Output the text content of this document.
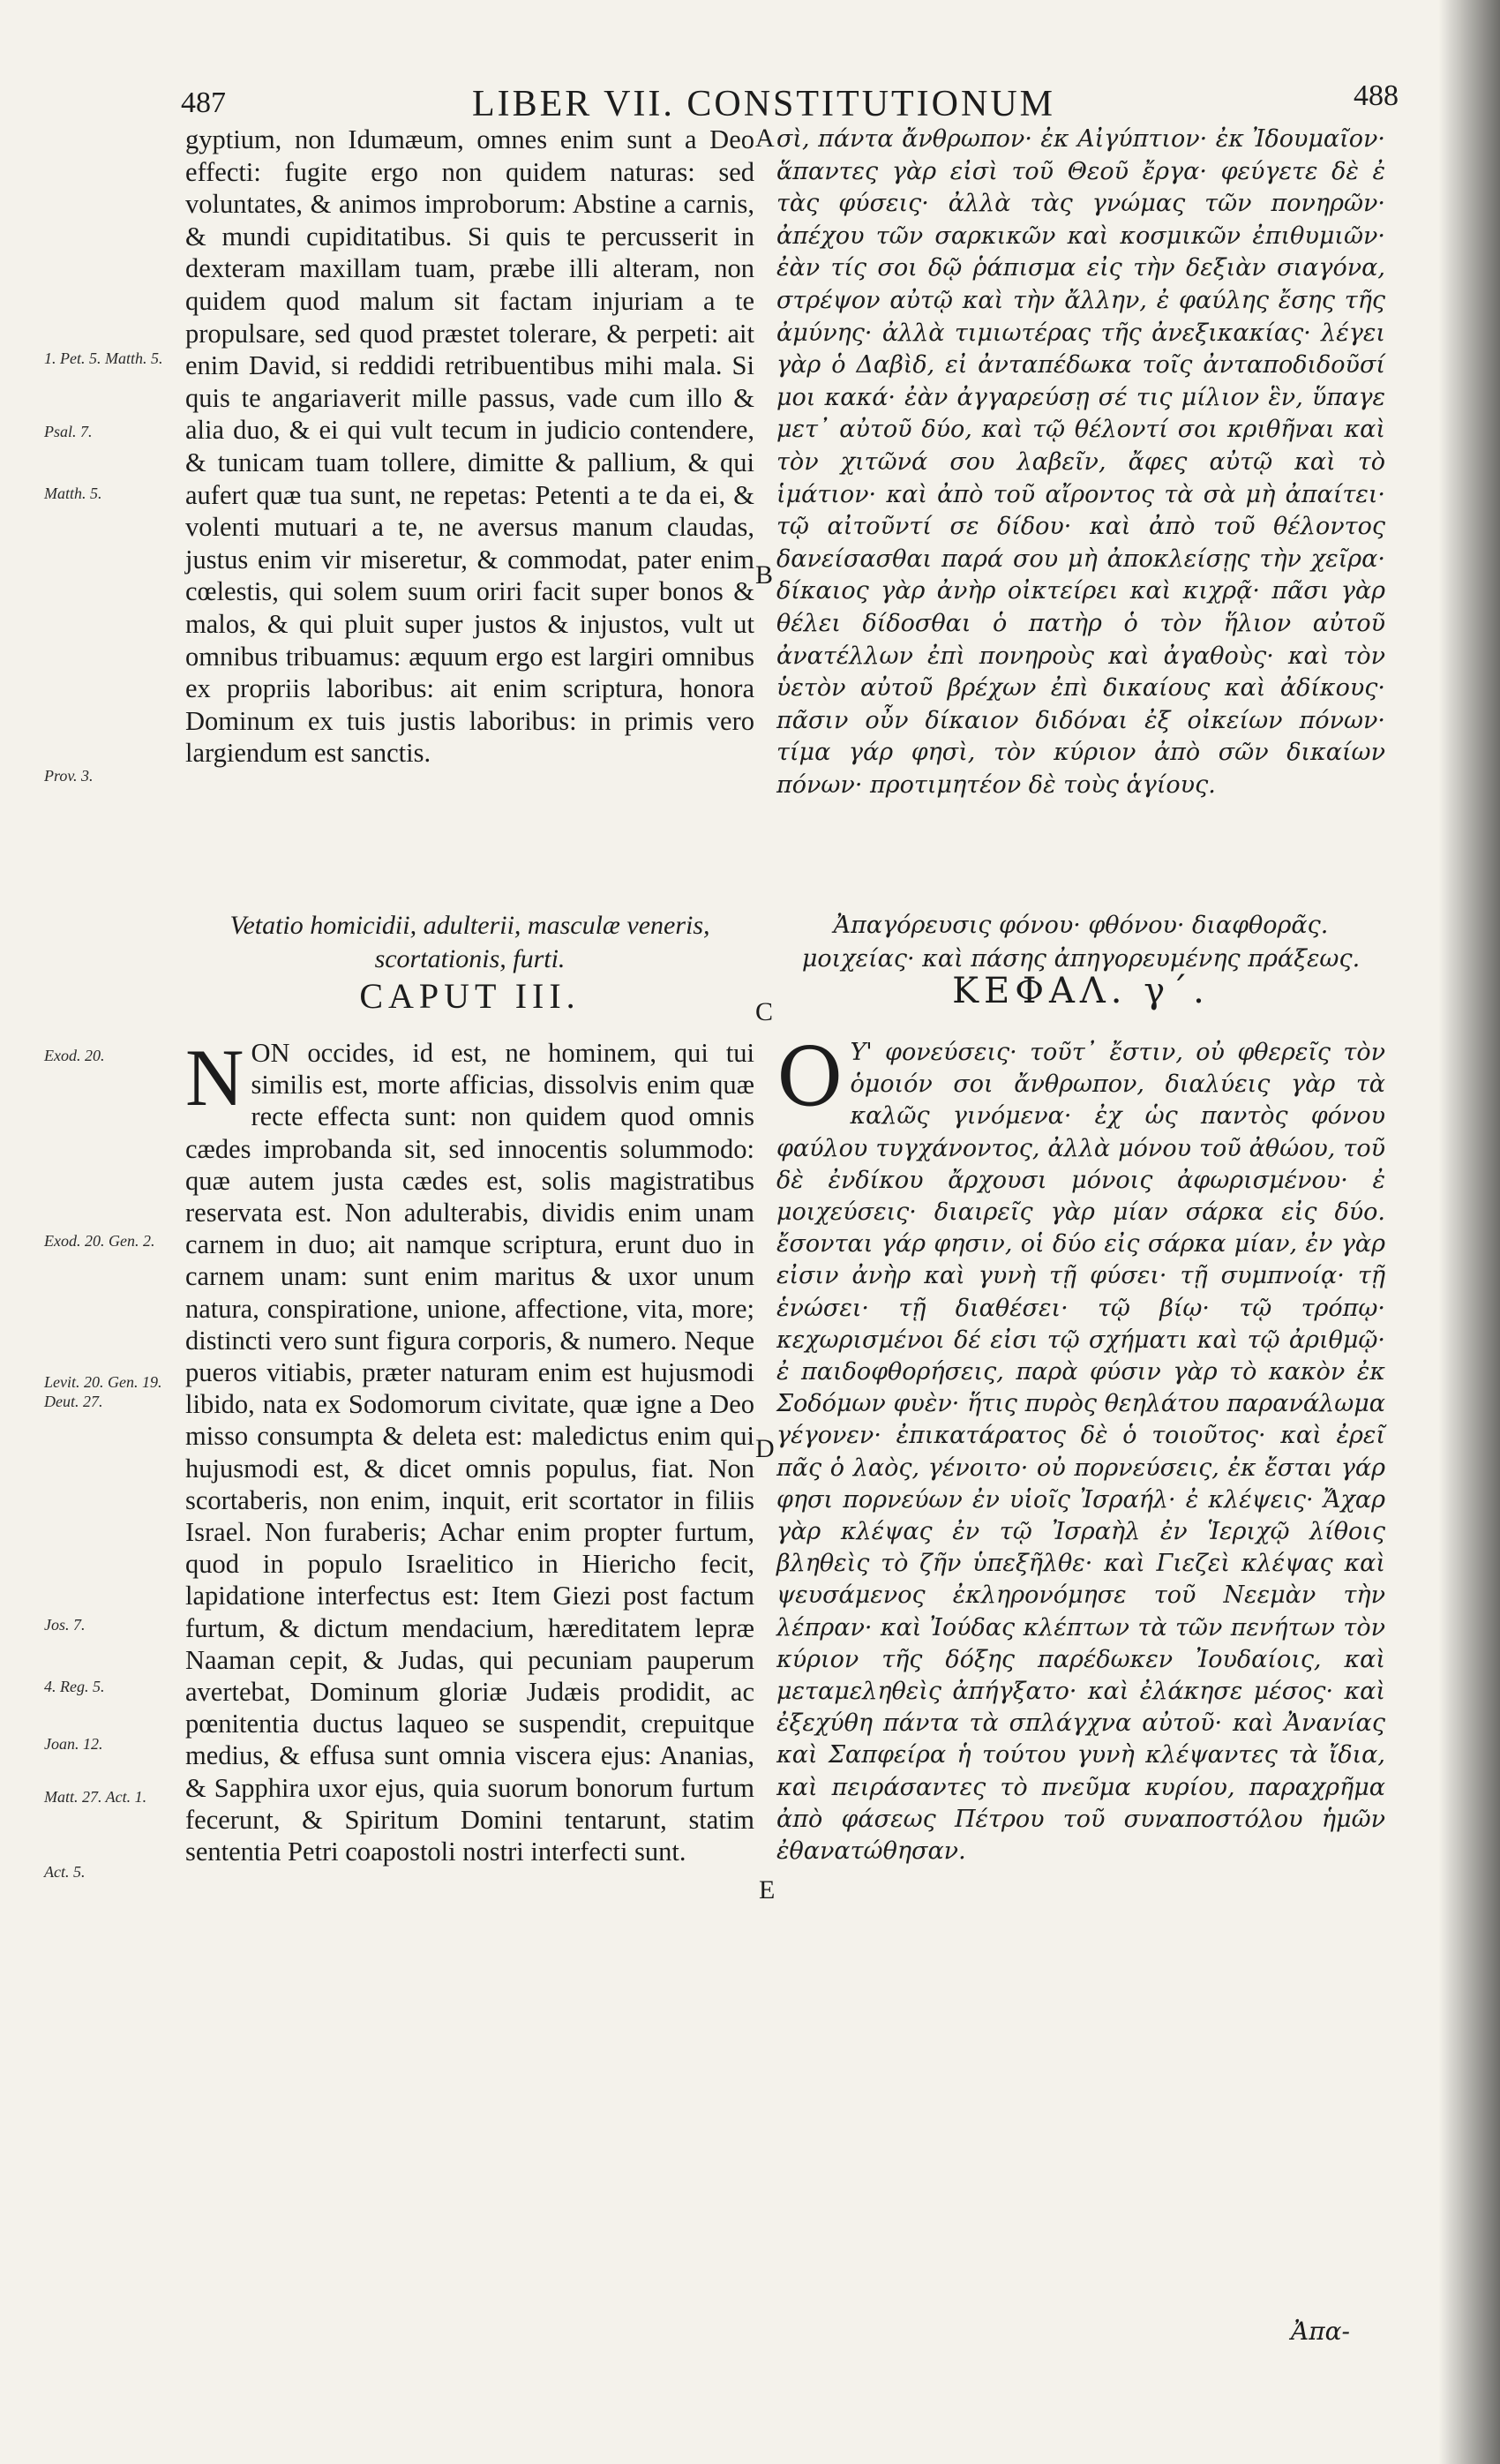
487	LIBER VII. CONSTITUTIONUM	488
1. Pet. 5. Matth. 5.
Psal. 7.
Matth. 5.
Prov. 3.
Exod. 20.
Exod. 20. Gen. 2.
Levit. 20. Gen. 19. Deut. 27.
Jos. 7.
4. Reg. 5.
Joan. 12.
Matt. 27. Act. 1.
Act. 5.

gyptium, non Idumæum, omnes enim sunt a Deo effecti: fugite ergo non quidem naturas: sed voluntates, & animos improborum: Abstine a carnis, & mundi cupiditatibus. Si quis te percusserit in dexteram maxillam tuam, præbe illi alteram, non quidem quod malum sit factam injuriam a te propulsare, sed quod præstet tolerare, & perpeti: ait enim David, si reddidi retribuentibus mihi mala. Si quis te angariaverit mille passus, vade cum illo & alia duo, & ei qui vult tecum in judicio contendere, & tunicam tuam tollere, dimitte & pallium, & qui aufert quæ tua sunt, ne repetas: Petenti a te da ei, & volenti mutuari a te, ne aversus manum claudas, justus enim vir miseretur, & commodat, pater enim cœlestis, qui solem suum oriri facit super bonos & malos, & qui pluit super justos & injustos, vult ut omnibus tribuamus: æquum ergo est largiri omnibus ex propriis laboribus: ait enim scriptura, honora Dominum ex tuis justis laboribus: in primis vero largiendum est sanctis.

σὶ, πάντα ἄνθρωπον· ἐκ Αἰγύπτιον· ἐκ Ἰδουμαῖον· ἅπαντες γὰρ εἰσὶ τοῦ Θεοῦ ἔργα· φεύγετε δὲ ἐ τὰς φύσεις· ἀλλὰ τὰς γνώμας τῶν πονηρῶν· ἀπέχου τῶν σαρκικῶν καὶ κοσμικῶν ἐπιθυμιῶν· ἐὰν τίς σοι δῷ ῥάπισμα εἰς τὴν δεξιὰν σιαγόνα, στρέψον αὐτῷ καὶ τὴν ἄλλην, ἐ φαύλης ἔσης τῆς ἀμύνης· ἀλλὰ τιμιωτέρας τῆς ἀνεξικακίας· λέγει γὰρ ὁ Δαβὶδ, εἰ ἀνταπέδωκα τοῖς ἀνταποδιδοῦσί μοι κακά· ἐὰν ἀγγαρεύσῃ σέ τις μίλιον ἓν, ὕπαγε μετ᾽ αὐτοῦ δύο, καὶ τῷ θέλοντί σοι κριθῆναι καὶ τὸν χιτῶνά σου λαβεῖν, ἄφες αὐτῷ καὶ τὸ ἱμάτιον· καὶ ἀπὸ τοῦ αἴροντος τὰ σὰ μὴ ἀπαίτει· τῷ αἰτοῦντί σε δίδου· καὶ ἀπὸ τοῦ θέλοντος δανείσασθαι παρά σου μὴ ἀποκλείσῃς τὴν χεῖρα· δίκαιος γὰρ ἀνὴρ οἰκτείρει καὶ κιχρᾷ· πᾶσι γὰρ θέλει δίδοσθαι ὁ πατὴρ ὁ τὸν ἥλιον αὐτοῦ ἀνατέλλων ἐπὶ πονηροὺς καὶ ἀγαθοὺς· καὶ τὸν ὑετὸν αὐτοῦ βρέχων ἐπὶ δικαίους καὶ ἀδίκους· πᾶσιν οὖν δίκαιον διδόναι ἐξ οἰκείων πόνων· τίμα γάρ φησὶ, τὸν κύριον ἀπὸ σῶν δικαίων πόνων· προτιμητέον δὲ τοὺς ἁγίους.

A
B
C
D
E
Vetatio homicidii, adulterii, masculæ veneris, scortationis, furti.
Ἀπαγόρευσις φόνου· φθόνου· διαφθορᾶς. μοιχείας· καὶ πάσης ἀπηγορευμένης πράξεως.
CAPUT III.	ΚΕΦΑΛ. γ΄.
N ON occides, id est, ne hominem, qui tui similis est, morte afficias, dissolvis enim quæ recte effecta sunt: non quidem quod omnis cædes improbanda sit, sed innocentis solummodo: quæ autem justa cædes est, solis magistratibus reservata est. Non adulterabis, dividis enim unam carnem in duo; ait namque scriptura, erunt duo in carnem unam: sunt enim maritus & uxor unum natura, conspiratione, unione, affectione, vita, more; distincti vero sunt figura corporis, & numero. Neque pueros vitiabis, præter naturam enim est hujusmodi libido, nata ex Sodomorum civitate, quæ igne a Deo misso consumpta & deleta est: maledictus enim qui hujusmodi est, & dicet omnis populus, fiat. Non scortaberis, non enim, inquit, erit scortator in filiis Israel. Non furaberis; Achar enim propter furtum, quod in populo Israelitico in Hiericho fecit, lapidatione interfectus est: Item Giezi post factum furtum, & dictum mendacium, hæreditatem lepræ Naaman cepit, & Judas, qui pecuniam pauperum avertebat, Dominum gloriæ Judæis prodidit, ac pœnitentia ductus laqueo se suspendit, crepuitque medius, & effusa sunt omnia viscera ejus: Ananias, & Sapphira uxor ejus, quia suorum bonorum furtum fecerunt, & Spiritum Domini tentarunt, statim sententia Petri coapostoli nostri interfecti sunt.
O Υ' φονεύσεις· τοῦτ᾽ ἔστιν, οὐ φθερεῖς τὸν ὁμοιόν σοι ἄνθρωπον, διαλύεις γὰρ τὰ καλῶς γινόμενα· ἐχ ὡς παντὸς φόνου φαύλου τυγχάνοντος, ἀλλὰ μόνου τοῦ ἀθώου, τοῦ δὲ ἐνδίκου ἄρχουσι μόνοις ἀφωρισμένου· ἐ μοιχεύσεις· διαιρεῖς γὰρ μίαν σάρκα εἰς δύο. ἔσονται γάρ φησιν, οἱ δύο εἰς σάρκα μίαν, ἐν γὰρ εἰσιν ἀνὴρ καὶ γυνὴ τῇ φύσει· τῇ συμπνοίᾳ· τῇ ἑνώσει· τῇ διαθέσει· τῷ βίῳ· τῷ τρόπῳ· κεχωρισμένοι δέ εἰσι τῷ σχήματι καὶ τῷ ἀριθμῷ· ἐ παιδοφθορήσεις, παρὰ φύσιν γὰρ τὸ κακὸν ἐκ Σοδόμων φυὲν· ἥτις πυρὸς θεηλάτου παρανάλωμα γέγονεν· ἐπικατάρατος δὲ ὁ τοιοῦτος· καὶ ἐρεῖ πᾶς ὁ λαὸς, γένοιτο· οὐ πορνεύσεις, ἐκ ἔσται γάρ φησι πορνεύων ἐν υἱοῖς Ἰσραήλ· ἐ κλέψεις· Ἄχαρ γὰρ κλέψας ἐν τῷ Ἰσραὴλ ἐν Ἱεριχῷ λίθοις βληθεὶς τὸ ζῆν ὑπεξῆλθε· καὶ Γιεζεὶ κλέψας καὶ ψευσάμενος ἐκληρονόμησε τοῦ Νεεμὰν τὴν λέπραν· καὶ Ἰούδας κλέπτων τὰ τῶν πενήτων τὸν κύριον τῆς δόξης παρέδωκεν Ἰουδαίοις, καὶ μεταμεληθεὶς ἀπήγξατο· καὶ ἐλάκησε μέσος· καὶ ἐξεχύθη πάντα τὰ σπλάγχνα αὐτοῦ· καὶ Ἀνανίας καὶ Σαπφείρα ἡ τούτου γυνὴ κλέψαντες τὰ ἴδια, καὶ πειράσαντες τὸ πνεῦμα κυρίου, παραχρῆμα ἀπὸ φάσεως Πέτρου τοῦ συναποστόλου ἡμῶν ἐθανατώθησαν.
Ἀπα-
